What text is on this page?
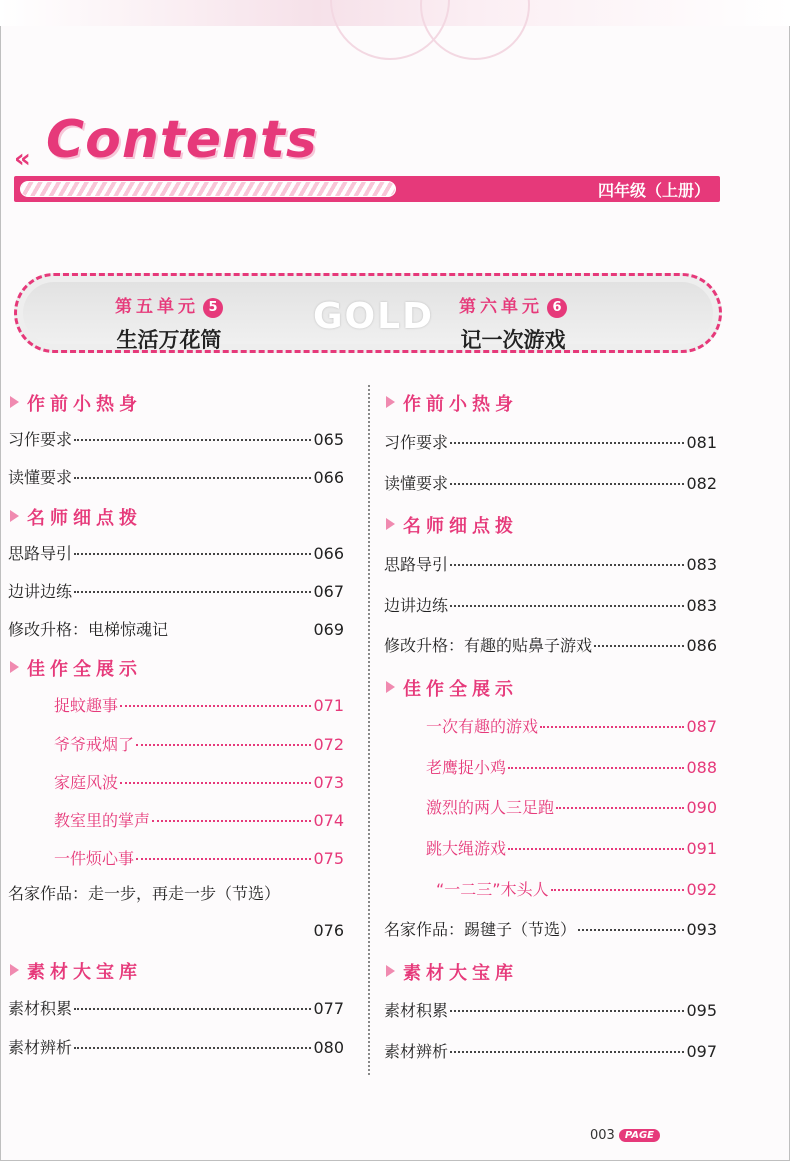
« Contents
四年级（上册）
GOLD
第五单元 5
生活万花筒
第六单元 6
记一次游戏
作前小热身
习作要求	065
读懂要求	066
名师细点拨
思路导引	066
边讲边练	067
修改升格：电梯惊魂记	069
佳作全展示
捉蚊趣事	071
爷爷戒烟了	072
家庭风波	073
教室里的掌声	074
一件烦心事	075
名家作品：走一步，再走一步（节选）
076
素材大宝库
素材积累	077
素材辨析	080
作前小热身
习作要求	081
读懂要求	082
名师细点拨
思路导引	083
边讲边练	083
修改升格：有趣的贴鼻子游戏	086
佳作全展示
一次有趣的游戏	087
老鹰捉小鸡	088
激烈的两人三足跑	090
跳大绳游戏	091
“一二三”木头人	092
名家作品：踢毽子（节选）	093
素材大宝库
素材积累	095
素材辨析	097
003 PAGE
